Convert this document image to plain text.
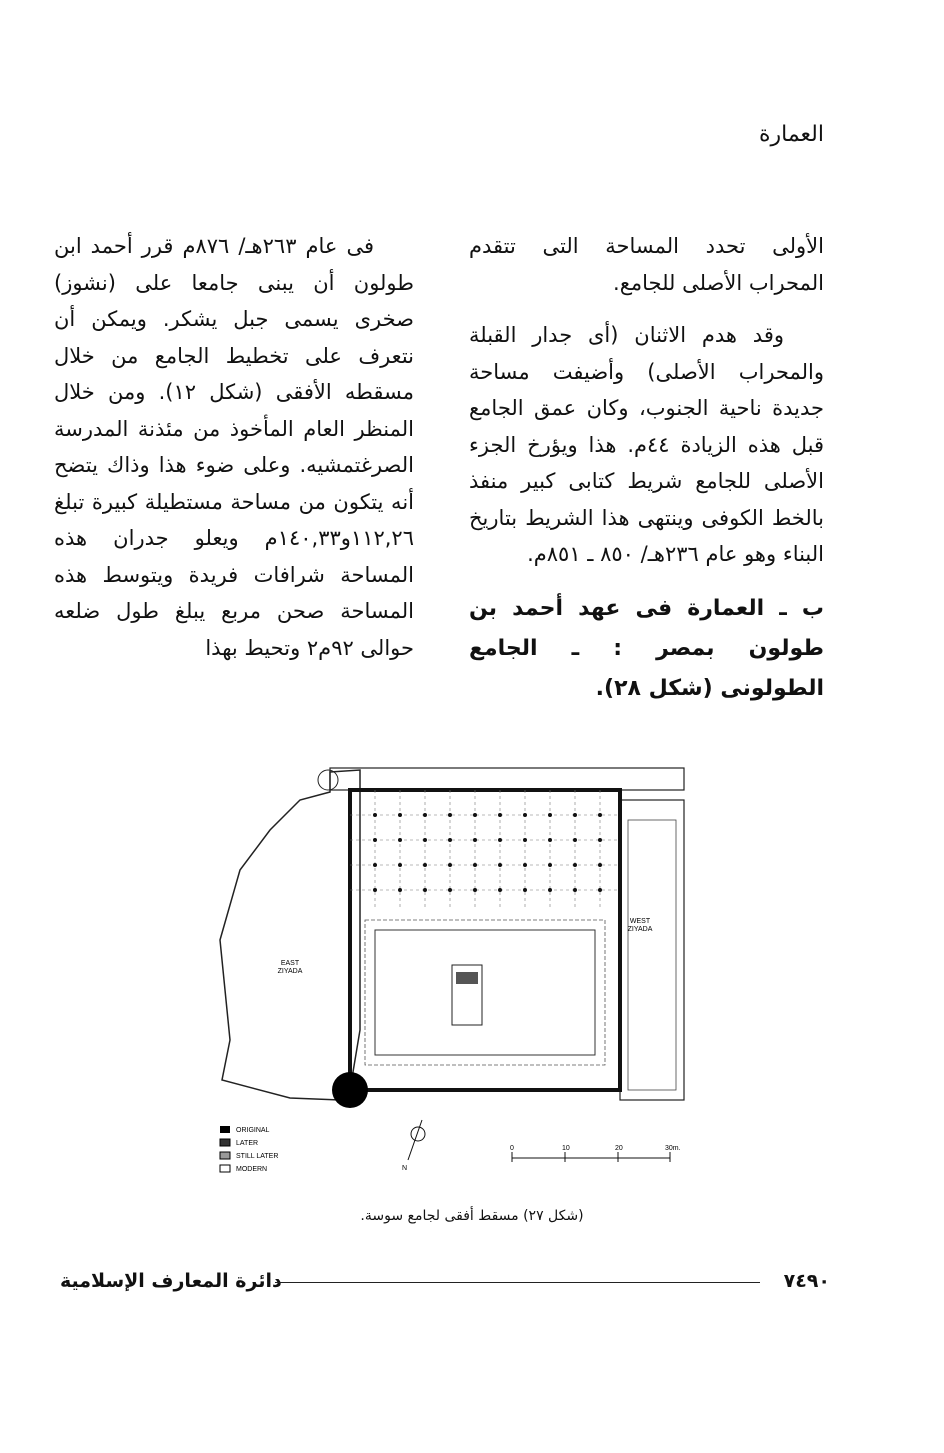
العمارة

الأولى تحدد المساحة التى تتقدم المحراب الأصلى للجامع.

وقد هدم الاثنان (أى جدار القبلة والمحراب الأصلى) وأضيفت مساحة جديدة ناحية الجنوب، وكان عمق الجامع قبل هذه الزيادة ٤٤م. هذا ويؤرخ الجزء الأصلى للجامع شريط كتابى كبير منفذ بالخط الكوفى وينتهى هذا الشريط بتاريخ البناء وهو عام ٢٣٦هـ/ ٨٥٠ ـ ٨٥١م.

ب ـ العمارة فى عهد أحمد بن طولون بمصر : ـ الجامع الطولونى (شكل ٢٨).

فى عام ٢٦٣هـ/ ٨٧٦م قرر أحمد ابن طولون أن يبنى جامعا على (نشوز) صخرى يسمى جبل يشكر. ويمكن أن نتعرف على تخطيط الجامع من خلال مسقطه الأفقى (شكل ١٢). ومن خلال المنظر العام المأخوذ من مئذنة المدرسة الصرغتمشيه. وعلى ضوء هذا وذاك يتضح أنه يتكون من مساحة مستطيلة كبيرة تبلغ ١١٢,٢٦و١٤٠,٣٣م ويعلو جدران هذه المساحة شرافات فريدة ويتوسط هذه المساحة صحن مربع يبلغ طول ضلعه حوالى ٩٢م٢ وتحيط بهذا

EAST
ZIYADA
WEST
ZIYADA
ORIGINAL
LATER
STILL LATER
MODERN	N
0	10	20	30m.
(شكل ٢٧) مسقط أفقى لجامع سوسة.
دائرة المعارف الإسلامية	٧٤٩٠
